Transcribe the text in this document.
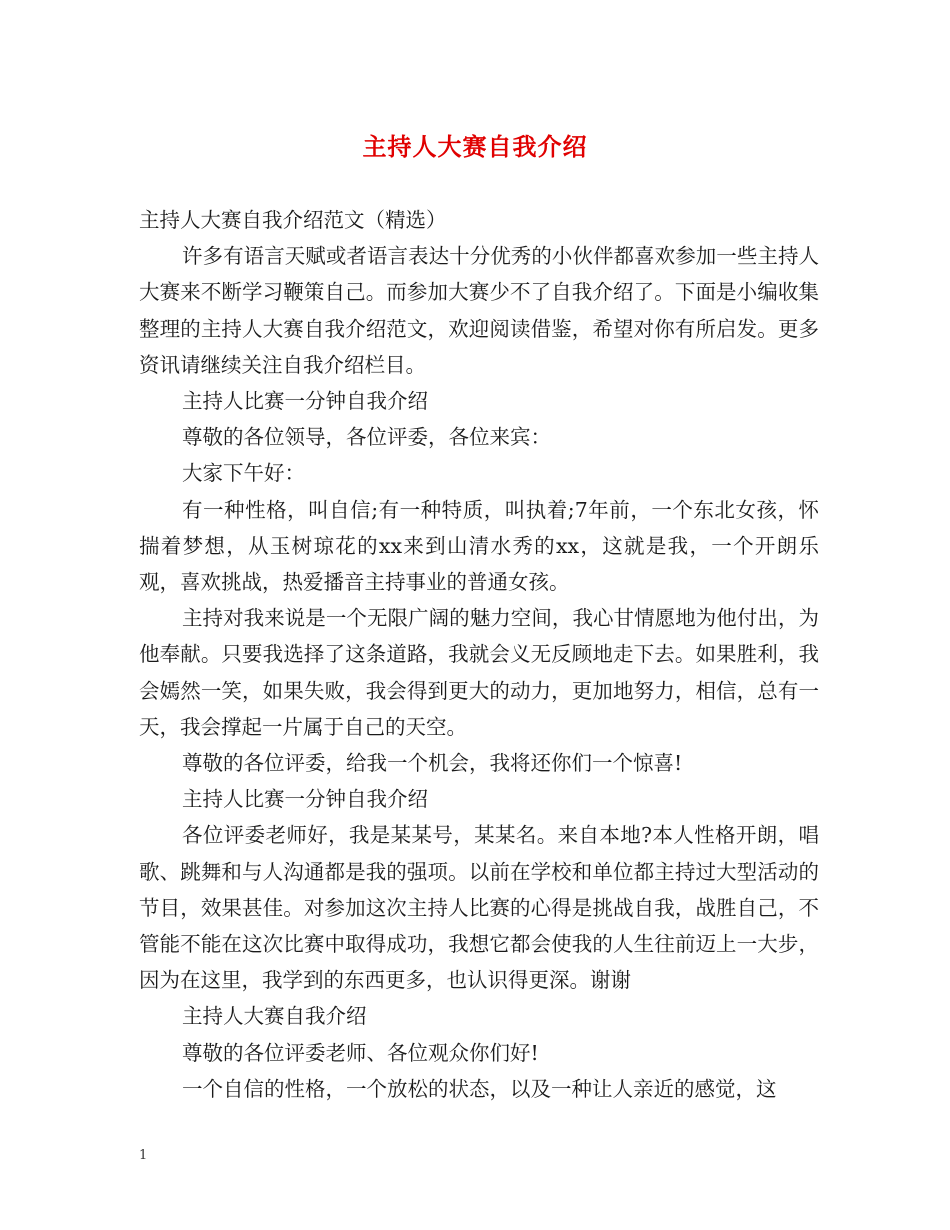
主持人大赛自我介绍

主持人大赛自我介绍范文（精选）

许多有语言天赋或者语言表达十分优秀的小伙伴都喜欢参加一些主持人大赛来不断学习鞭策自己。而参加大赛少不了自我介绍了。下面是小编收集整理的主持人大赛自我介绍范文，欢迎阅读借鉴，希望对你有所启发。更多资讯请继续关注自我介绍栏目。

主持人比赛一分钟自我介绍

尊敬的各位领导，各位评委，各位来宾：

大家下午好：

有一种性格，叫自信;有一种特质，叫执着;7年前，一个东北女孩，怀揣着梦想，从玉树琼花的xx来到山清水秀的xx，这就是我，一个开朗乐观，喜欢挑战，热爱播音主持事业的普通女孩。

主持对我来说是一个无限广阔的魅力空间，我心甘情愿地为他付出，为他奉献。只要我选择了这条道路，我就会义无反顾地走下去。如果胜利，我会嫣然一笑，如果失败，我会得到更大的动力，更加地努力，相信，总有一天，我会撑起一片属于自己的天空。

尊敬的各位评委，给我一个机会，我将还你们一个惊喜!

主持人比赛一分钟自我介绍

各位评委老师好，我是某某号，某某名。来自本地?本人性格开朗，唱歌、跳舞和与人沟通都是我的强项。以前在学校和单位都主持过大型活动的节目，效果甚佳。对参加这次主持人比赛的心得是挑战自我，战胜自己，不管能不能在这次比赛中取得成功，我想它都会使我的人生往前迈上一大步，因为在这里，我学到的东西更多，也认识得更深。谢谢

主持人大赛自我介绍

尊敬的各位评委老师、各位观众你们好!

一个自信的性格，一个放松的状态，以及一种让人亲近的感觉，这

1
